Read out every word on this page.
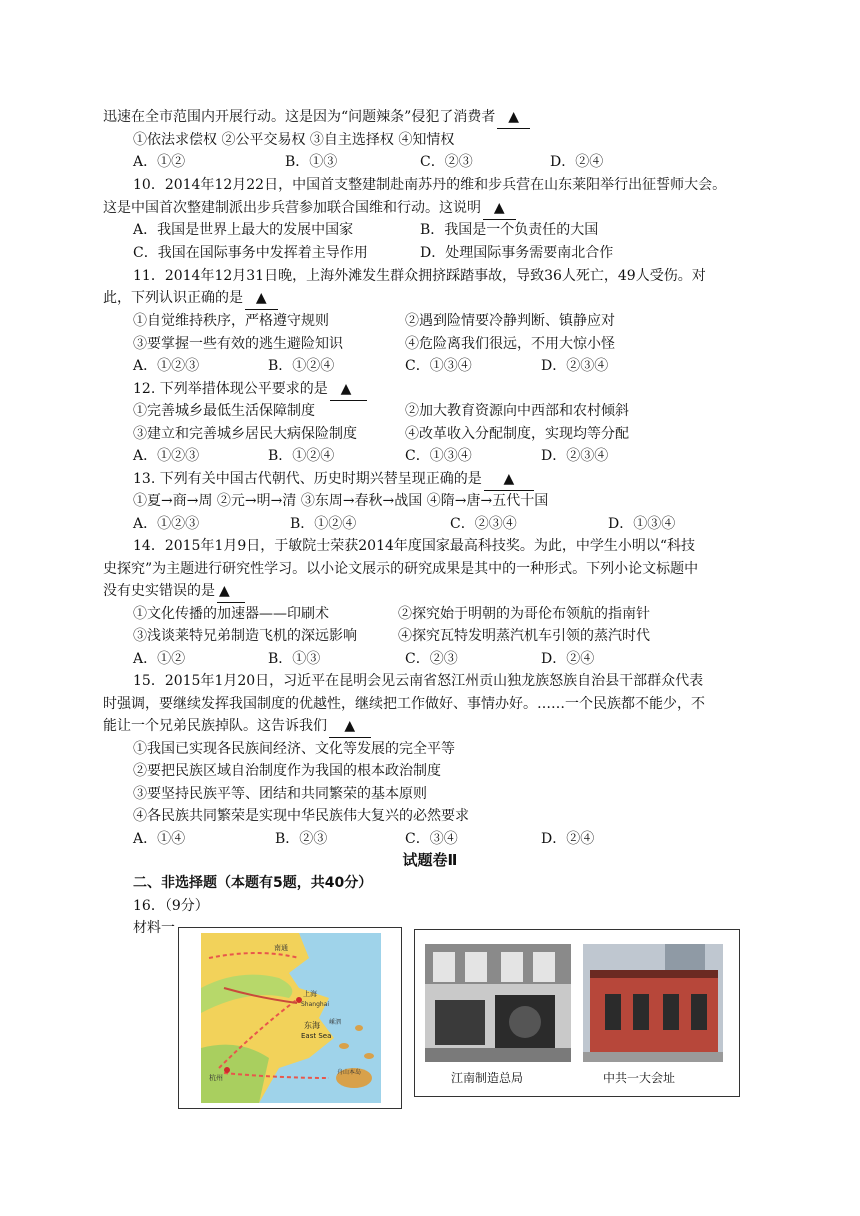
迅速在全市范围内开展行动。这是因为“问题辣条”侵犯了消费者 ▲
①依法求偿权 ②公平交易权 ③自主选择权 ④知情权
A．①②	B．①③	C．②③	D．②④
10．2014年12月22日，中国首支整建制赴南苏丹的维和步兵营在山东莱阳举行出征誓师大会。
这是中国首次整建制派出步兵营参加联合国维和行动。这说明 ▲
A．我国是世界上最大的发展中国家	B．我国是一个负责任的大国
C．我国在国际事务中发挥着主导作用	D．处理国际事务需要南北合作
11．2014年12月31日晚，上海外滩发生群众拥挤踩踏事故，导致36人死亡，49人受伤。对
此，下列认识正确的是 ▲
①自觉维持秩序，严格遵守规则	②遇到险情要冷静判断、镇静应对
③要掌握一些有效的逃生避险知识	④危险离我们很远，不用大惊小怪
A．①②③	B．①②④	C．①③④	D．②③④
12. 下列举措体现公平要求的是 ▲
①完善城乡最低生活保障制度	②加大教育资源向中西部和农村倾斜
③建立和完善城乡居民大病保险制度	④改革收入分配制度，实现均等分配
A．①②③	B．①②④	C．①③④	D．②③④
13. 下列有关中国古代朝代、历史时期兴替呈现正确的是 ▲
①夏→商→周 ②元→明→清 ③东周→春秋→战国 ④隋→唐→五代十国
A．①②③	B．①②④	C．②③④	D．①③④
14．2015年1月9日，于敏院士荣获2014年度国家最高科技奖。为此，中学生小明以“科技
史探究”为主题进行研究性学习。以小论文展示的研究成果是其中的一种形式。下列小论文标题中
没有史实错误的是 ▲
①文化传播的加速器——印刷术	②探究始于明朝的为哥伦布领航的指南针
③浅谈莱特兄弟制造飞机的深远影响	④探究瓦特发明蒸汽机车引领的蒸汽时代
A．①②	B．①③	C．②③	D．②④
15．2015年1月20日，习近平在昆明会见云南省怒江州贡山独龙族怒族自治县干部群众代表
时强调，要继续发挥我国制度的优越性，继续把工作做好、事情办好。……一个民族都不能少，不
能让一个兄弟民族掉队。这告诉我们 ▲
①我国已实现各民族间经济、文化等发展的完全平等
②要把民族区域自治制度作为我国的根本政治制度
③要坚持民族平等、团结和共同繁荣的基本原则
④各民族共同繁荣是实现中华民族伟大复兴的必然要求
A．①④	B．②③	C．③④	D．②④
试题卷Ⅱ
二、非选择题（本题有5题，共40分）
16．（9分）
材料一
南通
上海
Shanghai
东海
East Sea
杭州
嵊泗
舟山本岛	江南制造总局	中共一大会址
